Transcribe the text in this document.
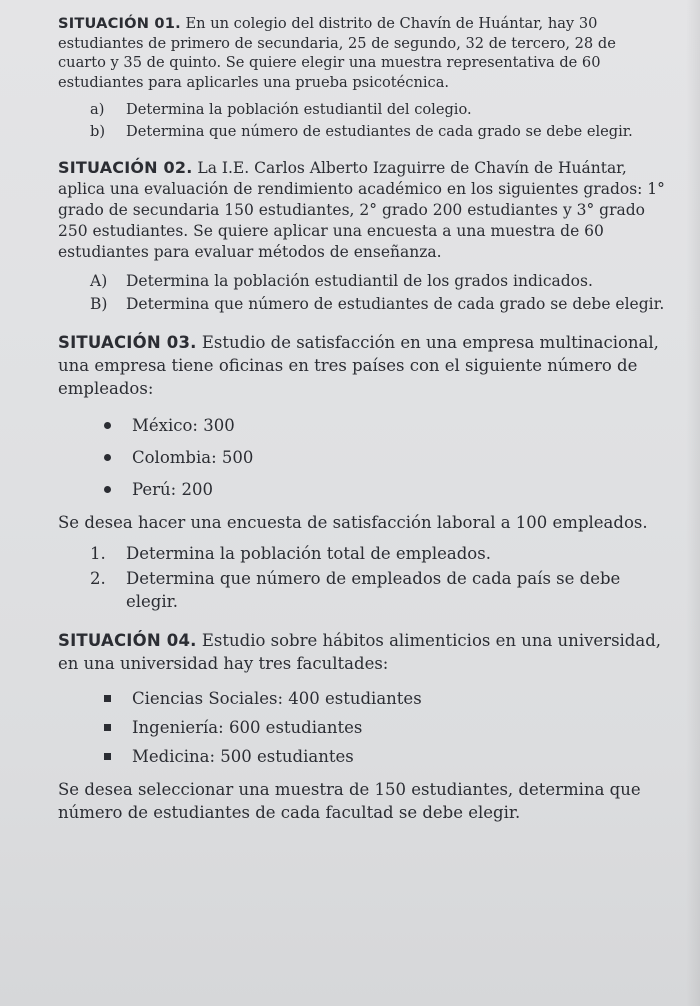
SITUACIÓN 01. En un colegio del distrito de Chavín de Huántar, hay 30 estudiantes de primero de secundaria, 25 de segundo, 32 de tercero, 28 de cuarto y 35 de quinto. Se quiere elegir una muestra representativa de 60 estudiantes para aplicarles una prueba psicotécnica.

a) Determina la población estudiantil del colegio.
b) Determina que número de estudiantes de cada grado se debe elegir.

SITUACIÓN 02. La I.E. Carlos Alberto Izaguirre de Chavín de Huántar, aplica una evaluación de rendimiento académico en los siguientes grados: 1° grado de secundaria 150 estudiantes, 2° grado 200 estudiantes y 3° grado 250 estudiantes. Se quiere aplicar una encuesta a una muestra de 60 estudiantes para evaluar métodos de enseñanza.

A) Determina la población estudiantil de los grados indicados.
B) Determina que número de estudiantes de cada grado se debe elegir.

SITUACIÓN 03. Estudio de satisfacción en una empresa multinacional, una empresa tiene oficinas en tres países con el siguiente número de empleados:

México: 300
Colombia: 500
Perú: 200

Se desea hacer una encuesta de satisfacción laboral a 100 empleados.

1. Determina la población total de empleados.
2. Determina que número de empleados de cada país se debe elegir.

SITUACIÓN 04. Estudio sobre hábitos alimenticios en una universidad, en una universidad hay tres facultades:

Ciencias Sociales: 400 estudiantes
Ingeniería: 600 estudiantes
Medicina: 500 estudiantes

Se desea seleccionar una muestra de 150 estudiantes, determina que número de estudiantes de cada facultad se debe elegir.
